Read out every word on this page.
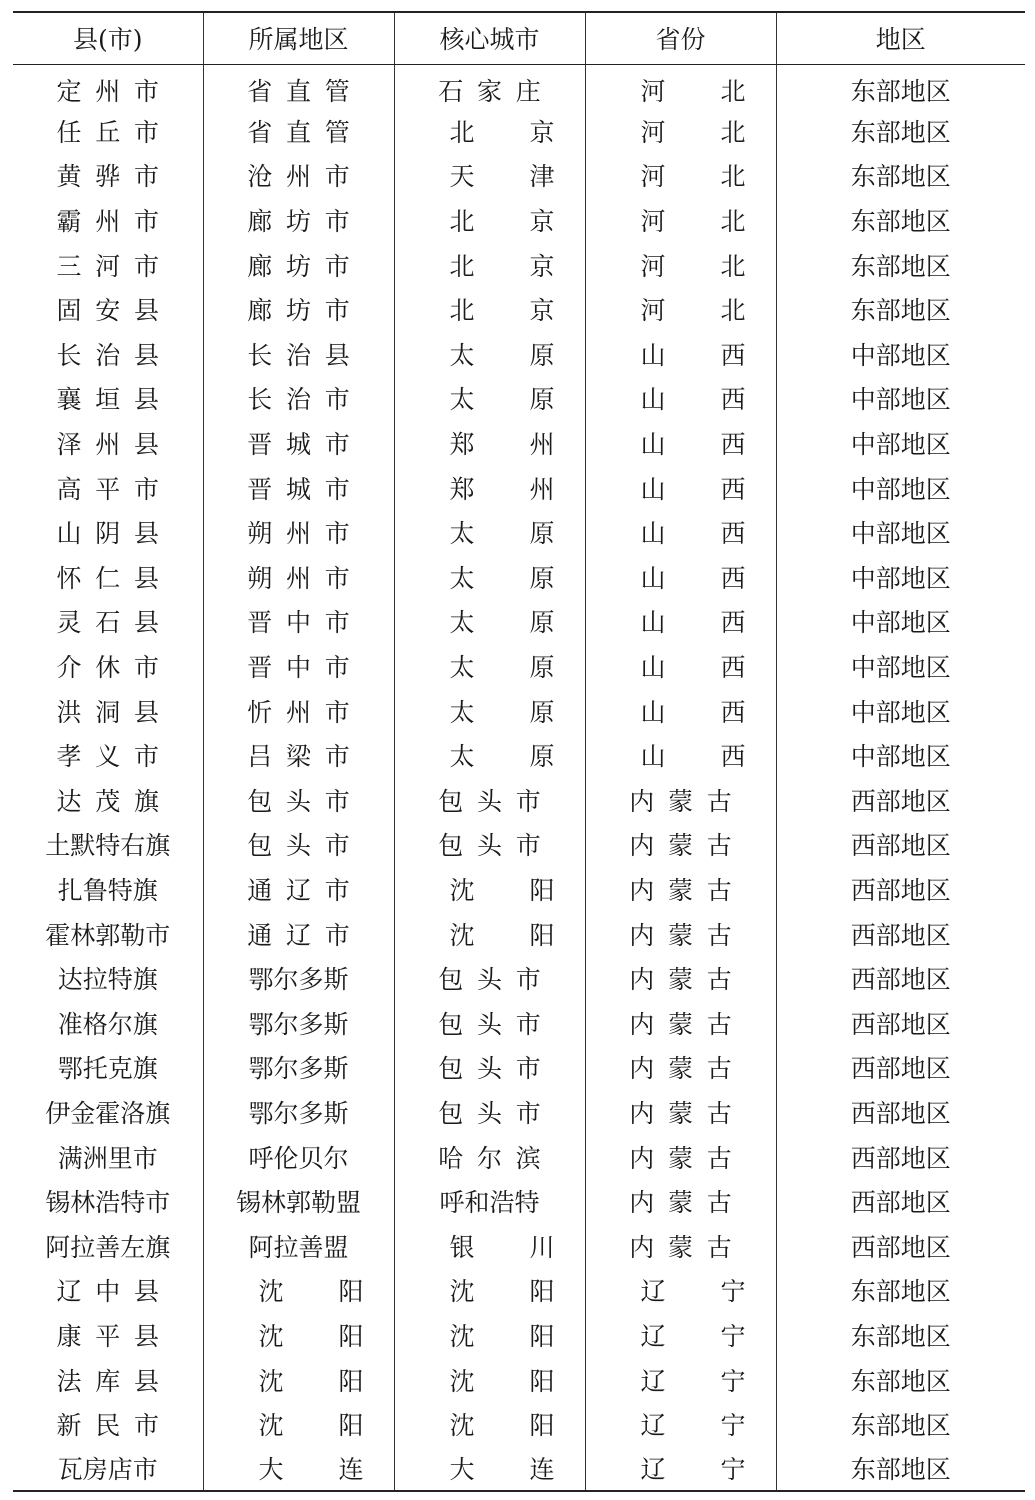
县(市)	所属地区	核心城市	省份	地区
定州市	省直管	石家庄	河北	东部地区
任丘市	省直管	北京	河北	东部地区
黄骅市	沧州市	天津	河北	东部地区
霸州市	廊坊市	北京	河北	东部地区
三河市	廊坊市	北京	河北	东部地区
固安县	廊坊市	北京	河北	东部地区
长治县	长治县	太原	山西	中部地区
襄垣县	长治市	太原	山西	中部地区
泽州县	晋城市	郑州	山西	中部地区
高平市	晋城市	郑州	山西	中部地区
山阴县	朔州市	太原	山西	中部地区
怀仁县	朔州市	太原	山西	中部地区
灵石县	晋中市	太原	山西	中部地区
介休市	晋中市	太原	山西	中部地区
洪洞县	忻州市	太原	山西	中部地区
孝义市	吕梁市	太原	山西	中部地区
达茂旗	包头市	包头市	内蒙古	西部地区
土默特右旗	包头市	包头市	内蒙古	西部地区
扎鲁特旗	通辽市	沈阳	内蒙古	西部地区
霍林郭勒市	通辽市	沈阳	内蒙古	西部地区
达拉特旗	鄂尔多斯	包头市	内蒙古	西部地区
准格尔旗	鄂尔多斯	包头市	内蒙古	西部地区
鄂托克旗	鄂尔多斯	包头市	内蒙古	西部地区
伊金霍洛旗	鄂尔多斯	包头市	内蒙古	西部地区
满洲里市	呼伦贝尔	哈尔滨	内蒙古	西部地区
锡林浩特市	锡林郭勒盟	呼和浩特	内蒙古	西部地区
阿拉善左旗	阿拉善盟	银川	内蒙古	西部地区
辽中县	沈阳	沈阳	辽宁	东部地区
康平县	沈阳	沈阳	辽宁	东部地区
法库县	沈阳	沈阳	辽宁	东部地区
新民市	沈阳	沈阳	辽宁	东部地区
瓦房店市	大连	大连	辽宁	东部地区
